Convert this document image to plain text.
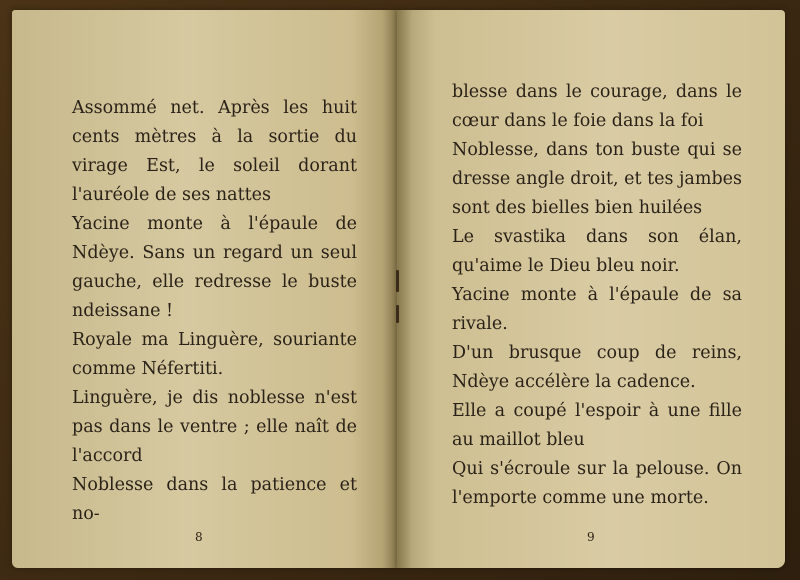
Assommé net. Après les huit cents mètres à la sortie du virage Est, le soleil dorant l'auréole de ses nattes

Yacine monte à l'épaule de Ndèye. Sans un regard un seul gauche, elle redresse le buste ndeissane !

Royale ma Linguère, souriante comme Néfertiti.

Linguère, je dis noblesse n'est pas dans le ventre ; elle naît de l'accord

Noblesse dans la patience et no-

8

blesse dans le courage, dans le cœur dans le foie dans la foi

Noblesse, dans ton buste qui se dresse angle droit, et tes jambes sont des bielles bien huilées

Le svastika dans son élan, qu'aime le Dieu bleu noir.

Yacine monte à l'épaule de sa rivale.

D'un brusque coup de reins, Ndèye accélère la cadence.

Elle a coupé l'espoir à une fille au maillot bleu

Qui s'écroule sur la pelouse. On l'emporte comme une morte.

9
